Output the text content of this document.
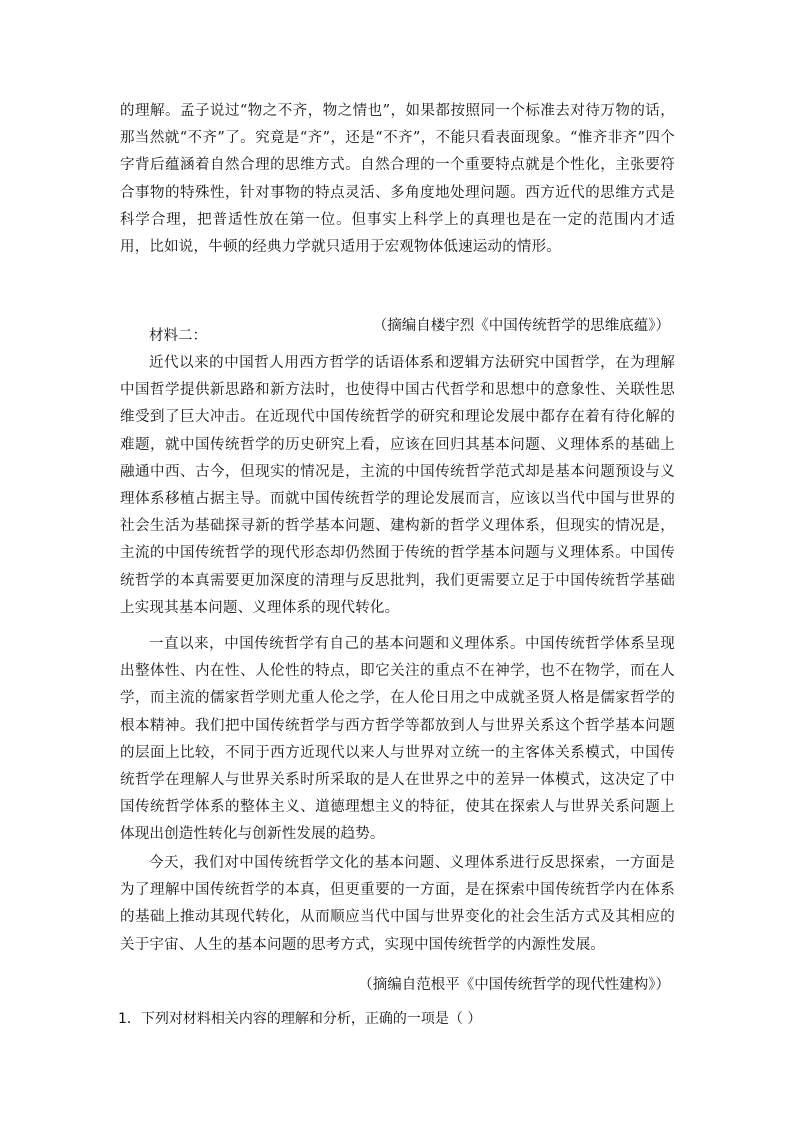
的理解。孟子说过“物之不齐，物之情也”，如果都按照同一个标准去对待万物的话，那当然就“不齐”了。究竟是“齐”，还是“不齐”，不能只看表面现象。“惟齐非齐”四个字背后蕴涵着自然合理的思维方式。自然合理的一个重要特点就是个性化，主张要符合事物的特殊性，针对事物的特点灵活、多角度地处理问题。西方近代的思维方式是科学合理，把普适性放在第一位。但事实上科学上的真理也是在一定的范围内才适用，比如说，牛顿的经典力学就只适用于宏观物体低速运动的情形。

（摘编自楼宇烈《中国传统哲学的思维底蕴》）

材料二：

近代以来的中国哲人用西方哲学的话语体系和逻辑方法研究中国哲学，在为理解中国哲学提供新思路和新方法时，也使得中国古代哲学和思想中的意象性、关联性思维受到了巨大冲击。在近现代中国传统哲学的研究和理论发展中都存在着有待化解的难题，就中国传统哲学的历史研究上看，应该在回归其基本问题、义理体系的基础上融通中西、古今，但现实的情况是，主流的中国传统哲学范式却是基本问题预设与义理体系移植占据主导。而就中国传统哲学的理论发展而言，应该以当代中国与世界的社会生活为基础探寻新的哲学基本问题、建构新的哲学义理体系，但现实的情况是，主流的中国传统哲学的现代形态却仍然囿于传统的哲学基本问题与义理体系。中国传统哲学的本真需要更加深度的清理与反思批判，我们更需要立足于中国传统哲学基础上实现其基本问题、义理体系的现代转化。

一直以来，中国传统哲学有自己的基本问题和义理体系。中国传统哲学体系呈现出整体性、内在性、人伦性的特点，即它关注的重点不在神学，也不在物学，而在人学，而主流的儒家哲学则尤重人伦之学，在人伦日用之中成就圣贤人格是儒家哲学的根本精神。我们把中国传统哲学与西方哲学等都放到人与世界关系这个哲学基本问题的层面上比较，不同于西方近现代以来人与世界对立统一的主客体关系模式，中国传统哲学在理解人与世界关系时所采取的是人在世界之中的差异一体模式，这决定了中国传统哲学体系的整体主义、道德理想主义的特征，使其在探索人与世界关系问题上体现出创造性转化与创新性发展的趋势。

今天，我们对中国传统哲学文化的基本问题、义理体系进行反思探索，一方面是为了理解中国传统哲学的本真，但更重要的一方面，是在探索中国传统哲学内在体系的基础上推动其现代转化，从而顺应当代中国与世界变化的社会生活方式及其相应的关于宇宙、人生的基本问题的思考方式，实现中国传统哲学的内源性发展。

（摘编自范根平《中国传统哲学的现代性建构》）

1．下列对材料相关内容的理解和分析，正确的一项是（ ）
